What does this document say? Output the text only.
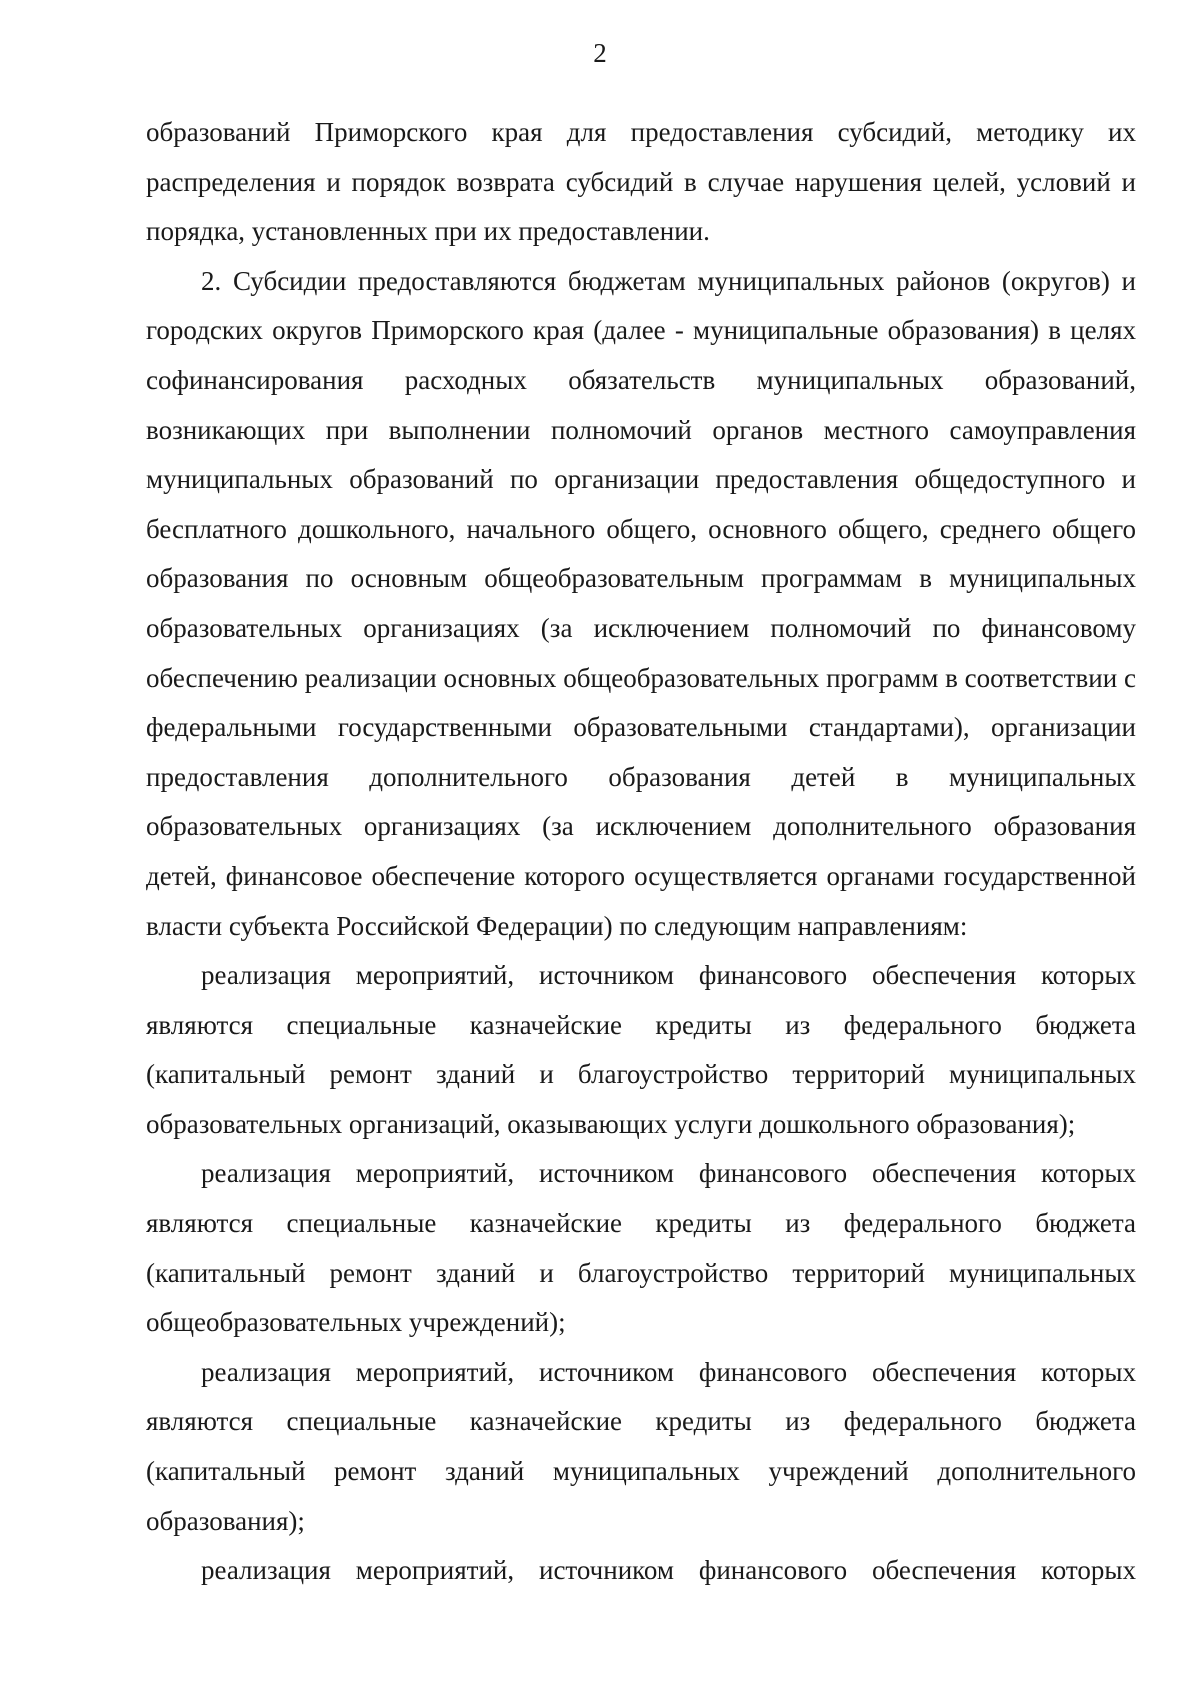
2

образований Приморского края для предоставления субсидий, методику их распределения и порядок возврата субсидий в случае нарушения целей, условий и порядка, установленных при их предоставлении.

2. Субсидии предоставляются бюджетам муниципальных районов (округов) и городских округов Приморского края (далее - муниципальные образования) в целях софинансирования расходных обязательств муниципальных образований, возникающих при выполнении полномочий органов местного самоуправления муниципальных образований по организации предоставления общедоступного и бесплатного дошкольного, начального общего, основного общего, среднего общего образования по основным общеобразовательным программам в муниципальных образовательных организациях (за исключением полномочий по финансовому обеспечению реализации основных общеобразовательных программ в соответствии с федеральными государственными образовательными стандартами), организации предоставления дополнительного образования детей в муниципальных образовательных организациях (за исключением дополнительного образования детей, финансовое обеспечение которого осуществляется органами государственной власти субъекта Российской Федерации) по следующим направлениям:

реализация мероприятий, источником финансового обеспечения которых являются специальные казначейские кредиты из федерального бюджета (капитальный ремонт зданий и благоустройство территорий муниципальных образовательных организаций, оказывающих услуги дошкольного образования);

реализация мероприятий, источником финансового обеспечения которых являются специальные казначейские кредиты из федерального бюджета (капитальный ремонт зданий и благоустройство территорий муниципальных общеобразовательных учреждений);

реализация мероприятий, источником финансового обеспечения которых являются специальные казначейские кредиты из федерального бюджета (капитальный ремонт зданий муниципальных учреждений дополнительного образования);

реализация мероприятий, источником финансового обеспечения которых
